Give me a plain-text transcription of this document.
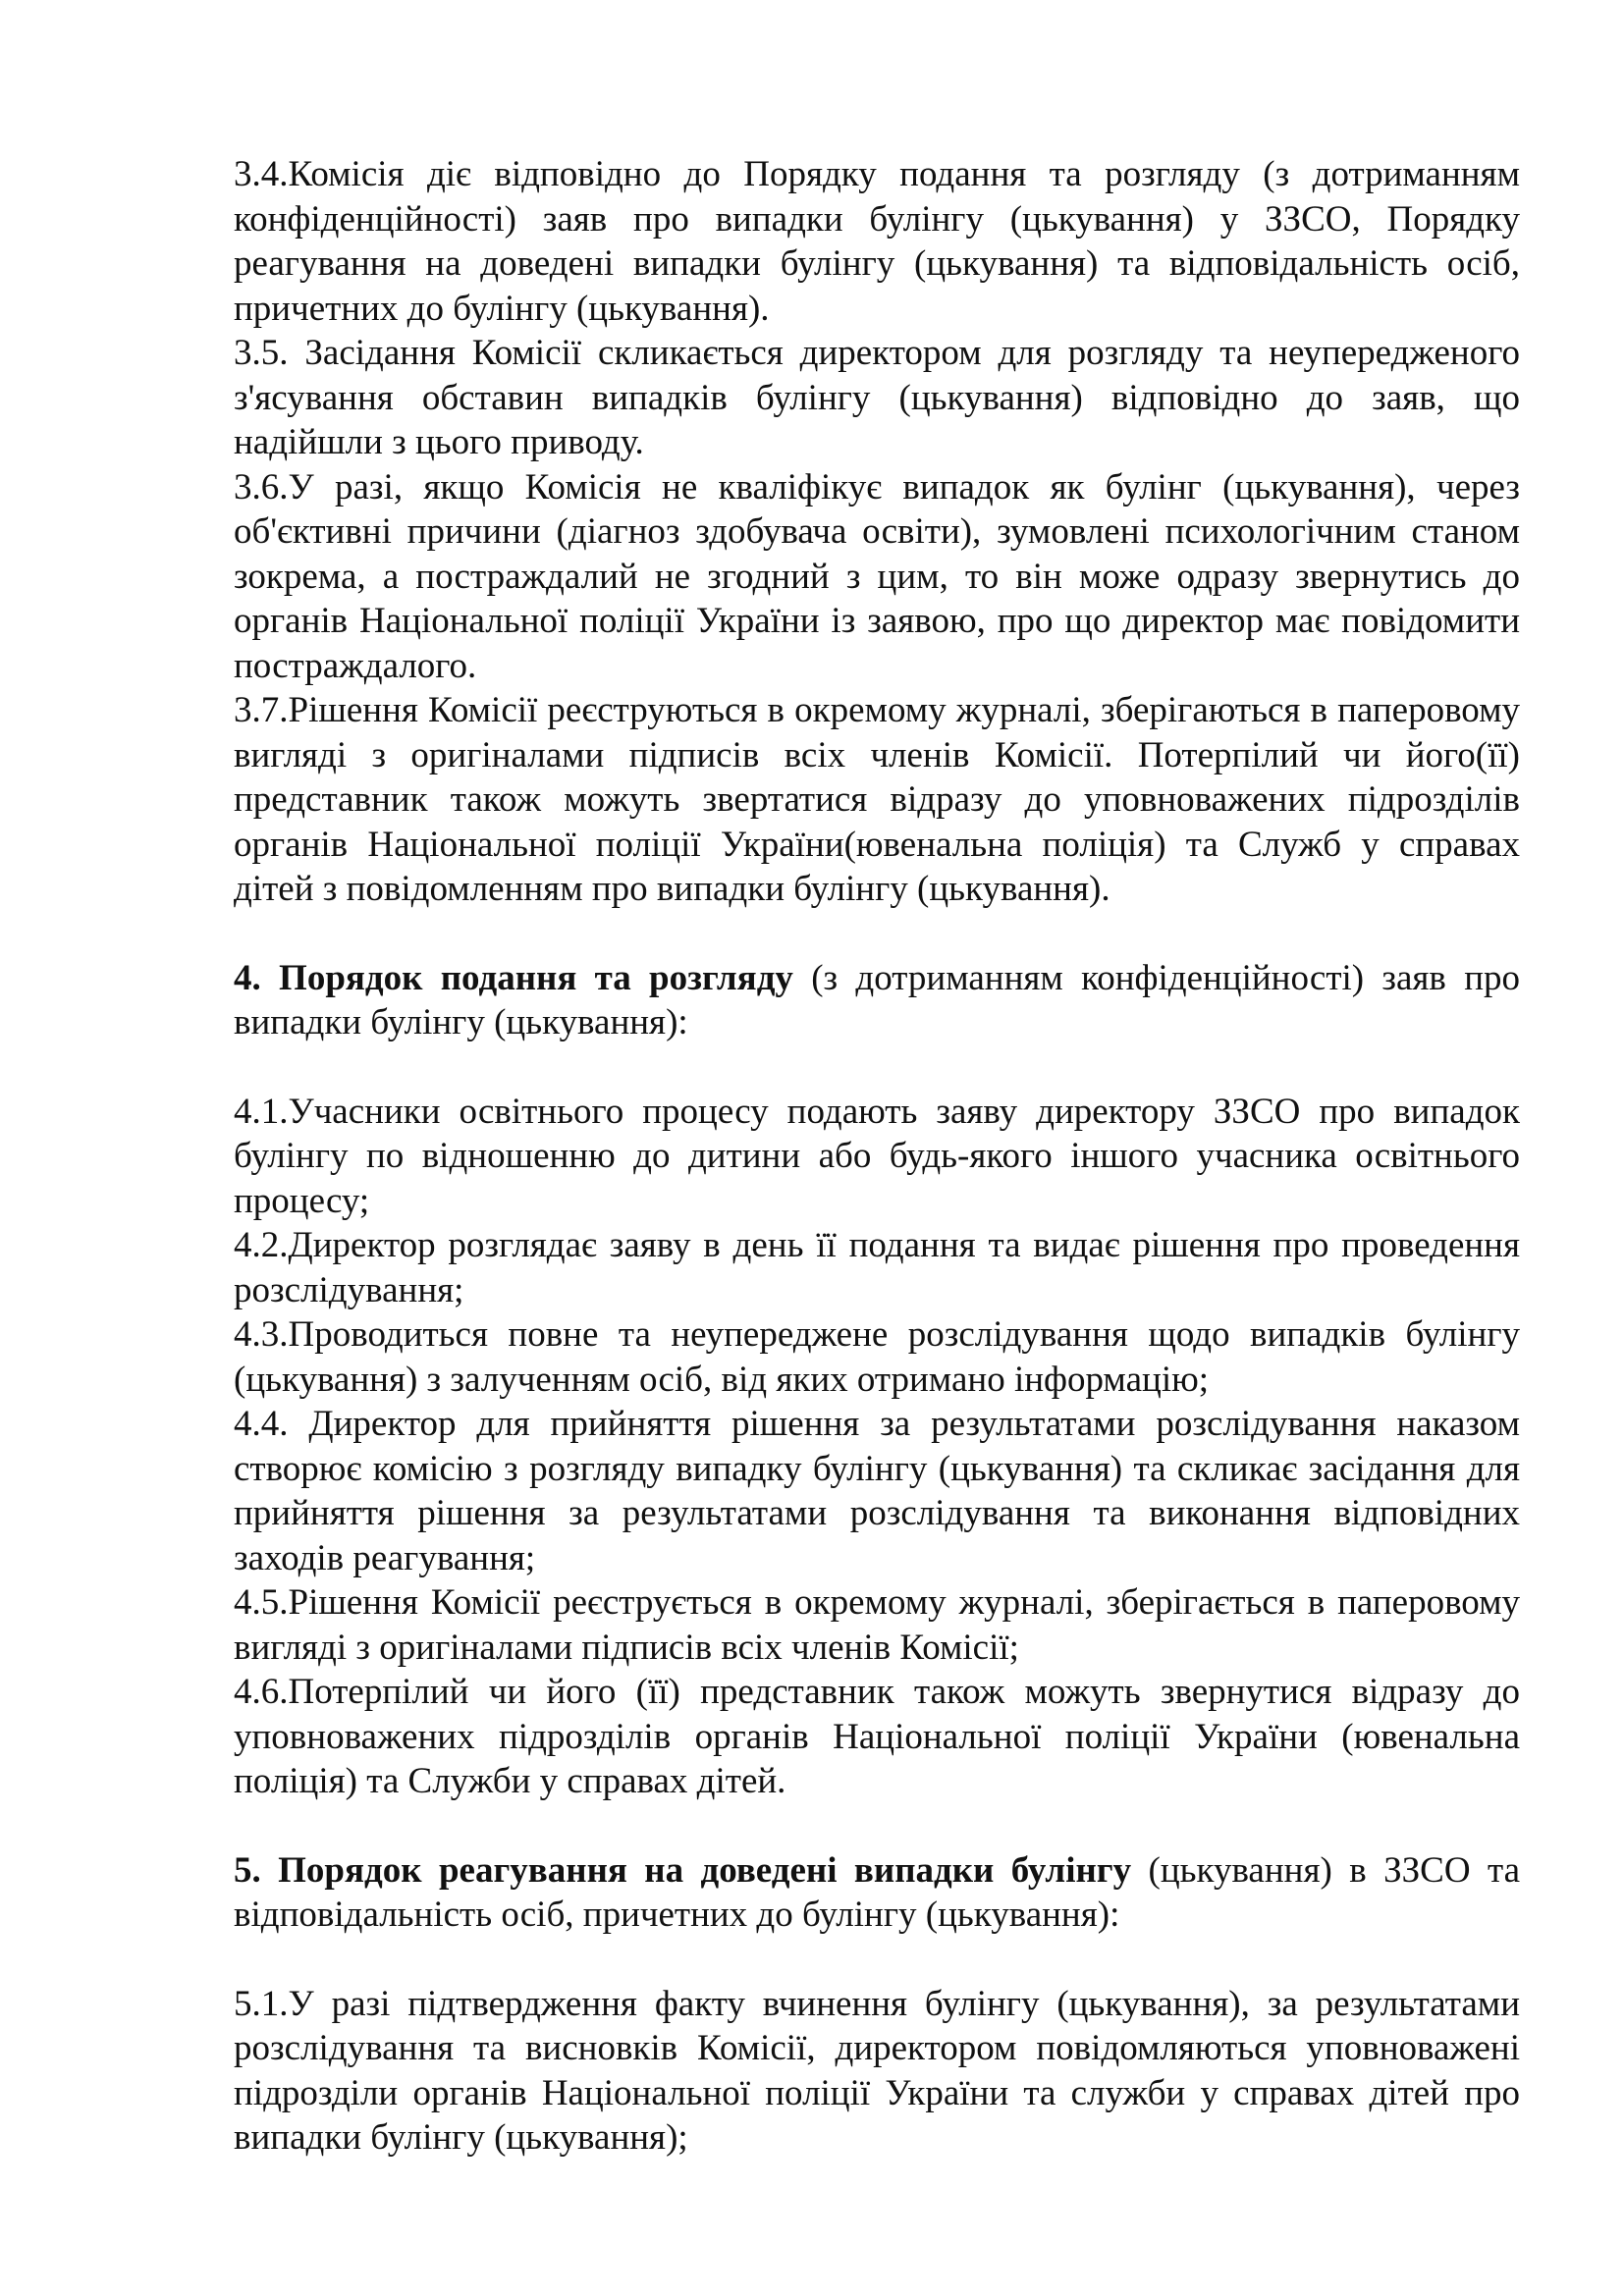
3.4.Комісія діє відповідно до Порядку подання та розгляду (з дотриманням конфіденційності) заяв про випадки булінгу (цькування) у ЗЗСО, Порядку реагування на доведені випадки булінгу (цькування) та відповідальність осіб, причетних до булінгу (цькування).

3.5. Засідання Комісії скликається директором для розгляду та неупередженого з'ясування обставин випадків булінгу (цькування) відповідно до заяв, що надійшли з цього приводу.

3.6.У разі, якщо Комісія не кваліфікує випадок як булінг (цькування), через об'єктивні причини (діагноз здобувача освіти), зумовлені психологічним станом зокрема, а постраждалий не згодний з цим, то він може одразу звернутись до органів Національної поліції України із заявою, про що директор має повідомити постраждалого.

3.7.Рішення Комісії реєструються в окремому журналі, зберігаються в паперовому вигляді з оригіналами підписів всіх членів Комісії. Потерпілий чи його(її) представник також можуть звертатися відразу до уповноважених підрозділів органів Національної поліції України(ювенальна поліція) та Служб у справах дітей з повідомленням про випадки булінгу (цькування).

4. Порядок подання та розгляду (з дотриманням конфіденційності) заяв про випадки булінгу (цькування):

4.1.Учасники освітнього процесу подають заяву директору ЗЗСО про випадок булінгу по відношенню до дитини або будь-якого іншого учасника освітнього процесу;

4.2.Директор розглядає заяву в день її подання та видає рішення про проведення розслідування;

4.3.Проводиться повне та неупереджене розслідування щодо випадків булінгу (цькування) з залученням осіб, від яких отримано інформацію;

4.4. Директор для прийняття рішення за результатами розслідування наказом створює комісію з розгляду випадку булінгу (цькування) та скликає засідання для прийняття рішення за результатами розслідування та виконання відповідних заходів реагування;

4.5.Рішення Комісії реєструється в окремому журналі, зберігається в паперовому вигляді з оригіналами підписів всіх членів Комісії;

4.6.Потерпілий чи його (її) представник також можуть звернутися відразу до уповноважених підрозділів органів Національної поліції України (ювенальна поліція) та Служби у справах дітей.

5. Порядок реагування на доведені випадки булінгу (цькування) в ЗЗСО та відповідальність осіб, причетних до булінгу (цькування):

5.1.У разі підтвердження факту вчинення булінгу (цькування), за результатами розслідування та висновків Комісії, директором повідомляються уповноважені підрозділи органів Національної поліції України та служби у справах дітей про випадки булінгу (цькування);
